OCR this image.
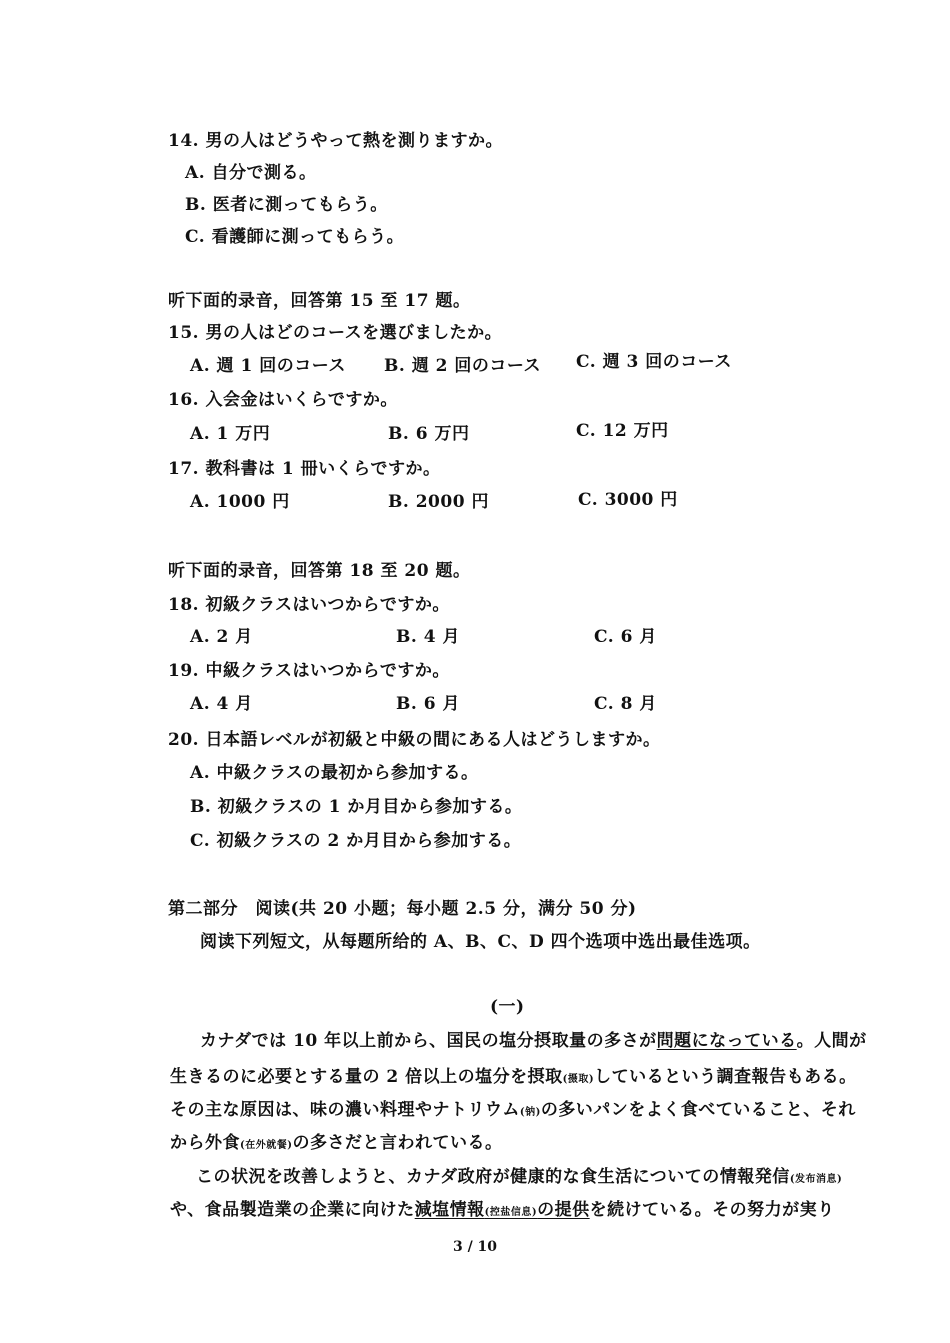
14. 男の人はどうやって熱を測りますか。
A. 自分で測る。
B. 医者に測ってもらう。
C. 看護師に測ってもらう。
听下面的录音，回答第 15 至 17 题。
15. 男の人はどのコースを選びましたか。
A. 週 1 回のコース B. 週 2 回のコース C. 週 3 回のコース
16. 入会金はいくらですか。
A. 1 万円	B. 6 万円	C. 12 万円
17. 教科書は 1 冊いくらですか。
A. 1000 円	B. 2000 円	C. 3000 円
听下面的录音，回答第 18 至 20 题。
18. 初級クラスはいつからですか。
A. 2 月	B. 4 月	C. 6 月
19. 中級クラスはいつからですか。
A. 4 月	B. 6 月	C. 8 月
20. 日本語レベルが初級と中級の間にある人はどうしますか。
A. 中級クラスの最初から参加する。
B. 初級クラスの 1 か月目から参加する。
C. 初級クラスの 2 か月目から参加する。
第二部分　阅读(共 20 小题；每小题 2.5 分，满分 50 分)
阅读下列短文，从每题所给的 A、B、C、D 四个选项中选出最佳选项。
(一)
カナダでは 10 年以上前から、国民の塩分摂取量の多さが問題になっている。人間が
生きるのに必要とする量の 2 倍以上の塩分を摂取(摄取)しているという調査報告もある。
その主な原因は、味の濃い料理やナトリウム(钠)の多いパンをよく食べていること、それ
から外食(在外就餐)の多さだと言われている。
この状況を改善しようと、カナダ政府が健康的な食生活についての情報発信(发布消息)
や、食品製造業の企業に向けた減塩情報(控盐信息)の提供を続けている。その努力が実り
3 / 10
